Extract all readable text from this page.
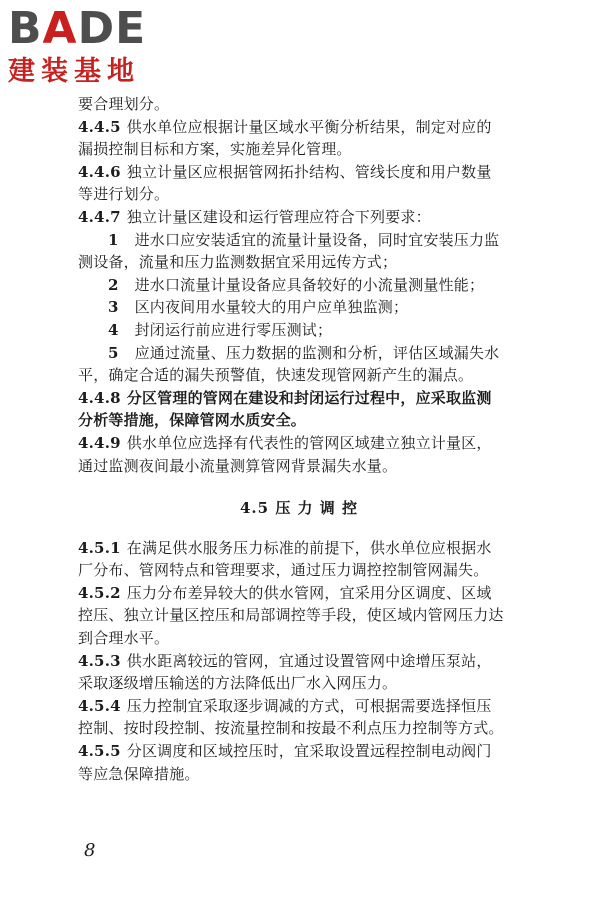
BADE
建装基地
要合理划分。
4.4.5 供水单位应根据计量区域水平衡分析结果，制定对应的
漏损控制目标和方案，实施差异化管理。
4.4.6 独立计量区应根据管网拓扑结构、管线长度和用户数量
等进行划分。
4.4.7 独立计量区建设和运行管理应符合下列要求：
1 进水口应安装适宜的流量计量设备，同时宜安装压力监
测设备，流量和压力监测数据宜采用远传方式；
2 进水口流量计量设备应具备较好的小流量测量性能；
3 区内夜间用水量较大的用户应单独监测；
4 封闭运行前应进行零压测试；
5 应通过流量、压力数据的监测和分析，评估区域漏失水
平，确定合适的漏失预警值，快速发现管网新产生的漏点。
4.4.8 分区管理的管网在建设和封闭运行过程中，应采取监测
分析等措施，保障管网水质安全。
4.4.9 供水单位应选择有代表性的管网区域建立独立计量区，
通过监测夜间最小流量测算管网背景漏失水量。
4.5 压 力 调 控
4.5.1 在满足供水服务压力标准的前提下，供水单位应根据水
厂分布、管网特点和管理要求，通过压力调控控制管网漏失。
4.5.2 压力分布差异较大的供水管网，宜采用分区调度、区域
控压、独立计量区控压和局部调控等手段，使区域内管网压力达
到合理水平。
4.5.3 供水距离较远的管网，宜通过设置管网中途增压泵站，
采取逐级增压输送的方法降低出厂水入网压力。
4.5.4 压力控制宜采取逐步调减的方式，可根据需要选择恒压
控制、按时段控制、按流量控制和按最不利点压力控制等方式。
4.5.5 分区调度和区域控压时，宜采取设置远程控制电动阀门
等应急保障措施。
8
